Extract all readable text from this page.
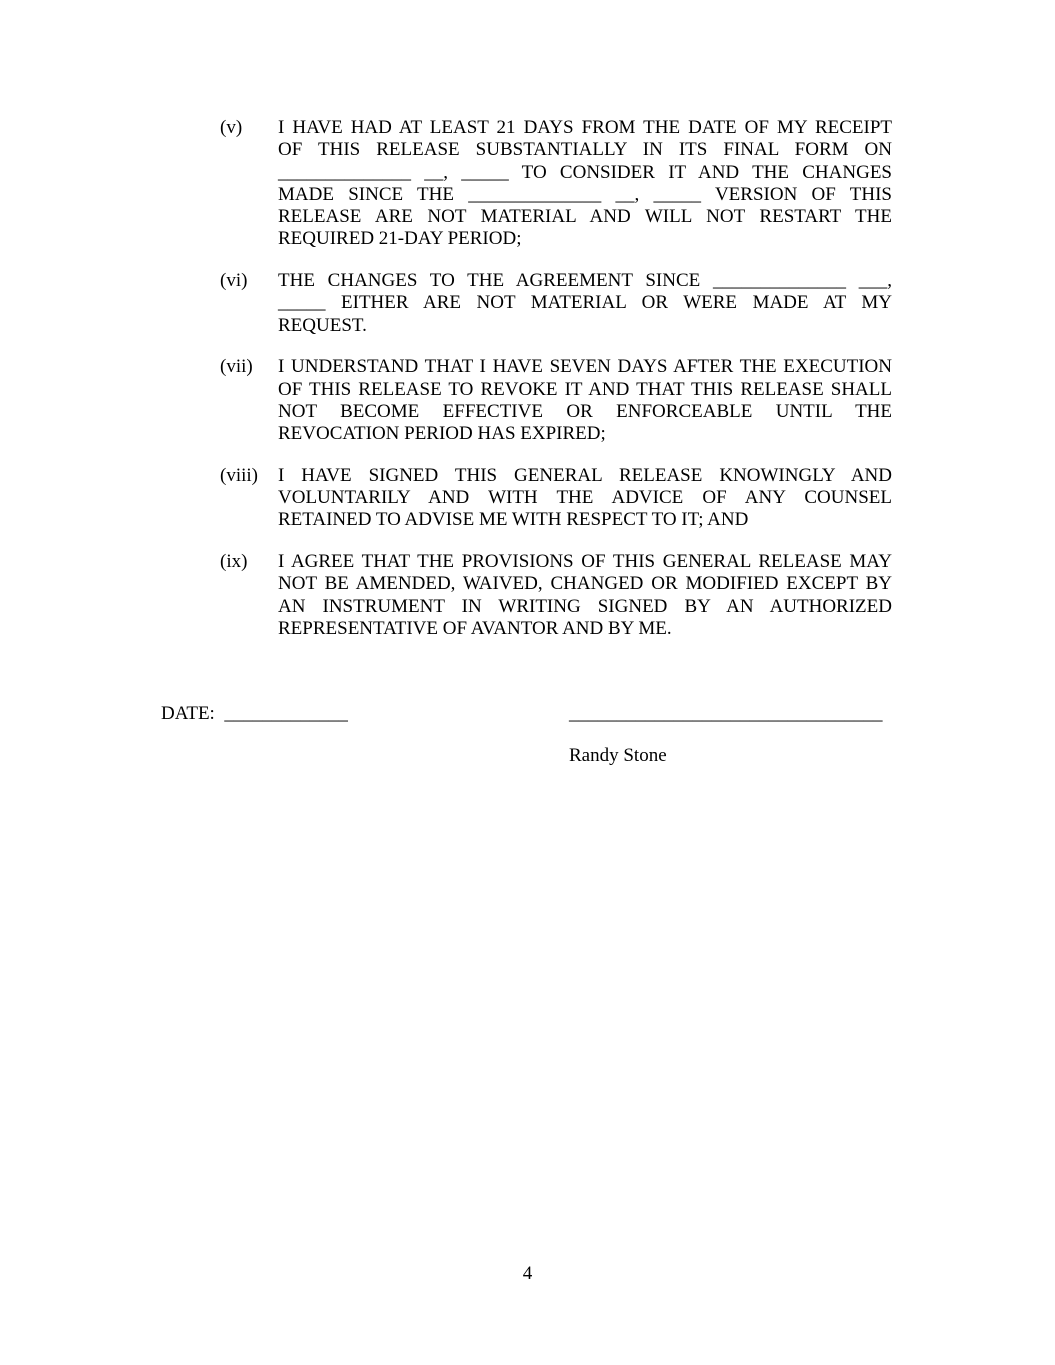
(v)	I HAVE HAD AT LEAST 21 DAYS FROM THE DATE OF MY RECEIPT
OF THIS RELEASE SUBSTANTIALLY IN ITS FINAL FORM ON
______________ __, _____ TO CONSIDER IT AND THE CHANGES
MADE SINCE THE ______________ __, _____ VERSION OF THIS
RELEASE ARE NOT MATERIAL AND WILL NOT RESTART THE
REQUIRED 21-DAY PERIOD;
(vi)	THE CHANGES TO THE AGREEMENT SINCE ______________ ___,
_____ EITHER ARE NOT MATERIAL OR WERE MADE AT MY
REQUEST.
(vii)	I UNDERSTAND THAT I HAVE SEVEN DAYS AFTER THE EXECUTION
OF THIS RELEASE TO REVOKE IT AND THAT THIS RELEASE SHALL
NOT BECOME EFFECTIVE OR ENFORCEABLE UNTIL THE
REVOCATION PERIOD HAS EXPIRED;
(viii)	I HAVE SIGNED THIS GENERAL RELEASE KNOWINGLY AND
VOLUNTARILY AND WITH THE ADVICE OF ANY COUNSEL
RETAINED TO ADVISE ME WITH RESPECT TO IT; AND
(ix)	I AGREE THAT THE PROVISIONS OF THIS GENERAL RELEASE MAY
NOT BE AMENDED, WAIVED, CHANGED OR MODIFIED EXCEPT BY
AN INSTRUMENT IN WRITING SIGNED BY AN AUTHORIZED
REPRESENTATIVE OF AVANTOR AND BY ME.
DATE:  _____________	_________________________________
Randy Stone
4
